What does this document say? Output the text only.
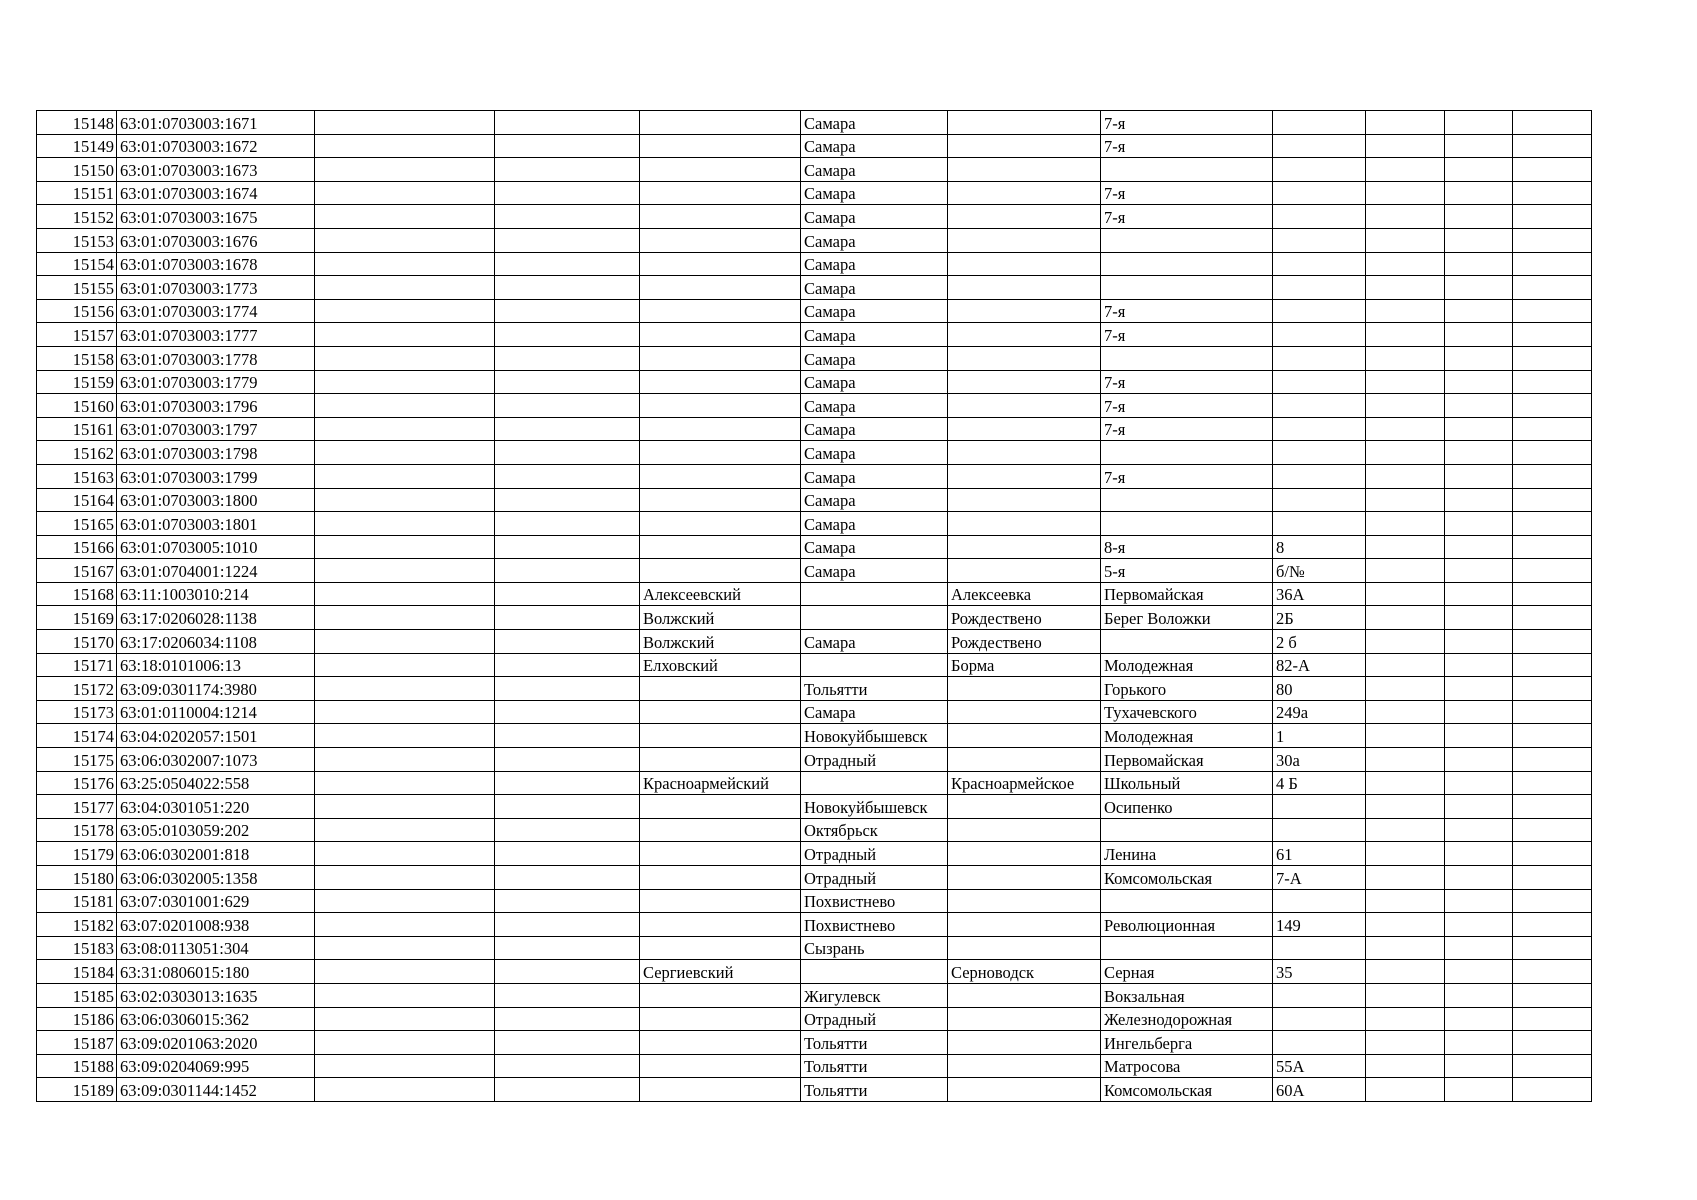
15148	63:01:0703003:1671				Самара		7-я				
15149	63:01:0703003:1672				Самара		7-я				
15150	63:01:0703003:1673				Самара						
15151	63:01:0703003:1674				Самара		7-я				
15152	63:01:0703003:1675				Самара		7-я				
15153	63:01:0703003:1676				Самара						
15154	63:01:0703003:1678				Самара						
15155	63:01:0703003:1773				Самара						
15156	63:01:0703003:1774				Самара		7-я				
15157	63:01:0703003:1777				Самара		7-я				
15158	63:01:0703003:1778				Самара						
15159	63:01:0703003:1779				Самара		7-я				
15160	63:01:0703003:1796				Самара		7-я				
15161	63:01:0703003:1797				Самара		7-я				
15162	63:01:0703003:1798				Самара						
15163	63:01:0703003:1799				Самара		7-я				
15164	63:01:0703003:1800				Самара						
15165	63:01:0703003:1801				Самара						
15166	63:01:0703005:1010				Самара		8-я	8			
15167	63:01:0704001:1224				Самара		5-я	б/№			
15168	63:11:1003010:214			Алексеевский		Алексеевка	Первомайская	36А			
15169	63:17:0206028:1138			Волжский		Рождествено	Берег Воложки	2Б			
15170	63:17:0206034:1108			Волжский	Самара	Рождествено		2 б			
15171	63:18:0101006:13			Елховский		Борма	Молодежная	82-А			
15172	63:09:0301174:3980				Тольятти		Горького	80			
15173	63:01:0110004:1214				Самара		Тухачевского	249а			
15174	63:04:0202057:1501				Новокуйбышевск		Молодежная	1			
15175	63:06:0302007:1073				Отрадный		Первомайская	30а			
15176	63:25:0504022:558			Красноармейский		Красноармейское	Школьный	4 Б			
15177	63:04:0301051:220				Новокуйбышевск		Осипенко				
15178	63:05:0103059:202				Октябрьск						
15179	63:06:0302001:818				Отрадный		Ленина	61			
15180	63:06:0302005:1358				Отрадный		Комсомольская	7-А			
15181	63:07:0301001:629				Похвистнево						
15182	63:07:0201008:938				Похвистнево		Революционная	149			
15183	63:08:0113051:304				Сызрань						
15184	63:31:0806015:180			Сергиевский		Серноводск	Серная	35			
15185	63:02:0303013:1635				Жигулевск		Вокзальная				
15186	63:06:0306015:362				Отрадный		Железнодорожная				
15187	63:09:0201063:2020				Тольятти		Ингельберга				
15188	63:09:0204069:995				Тольятти		Матросова	55А			
15189	63:09:0301144:1452				Тольятти		Комсомольская	60А			
